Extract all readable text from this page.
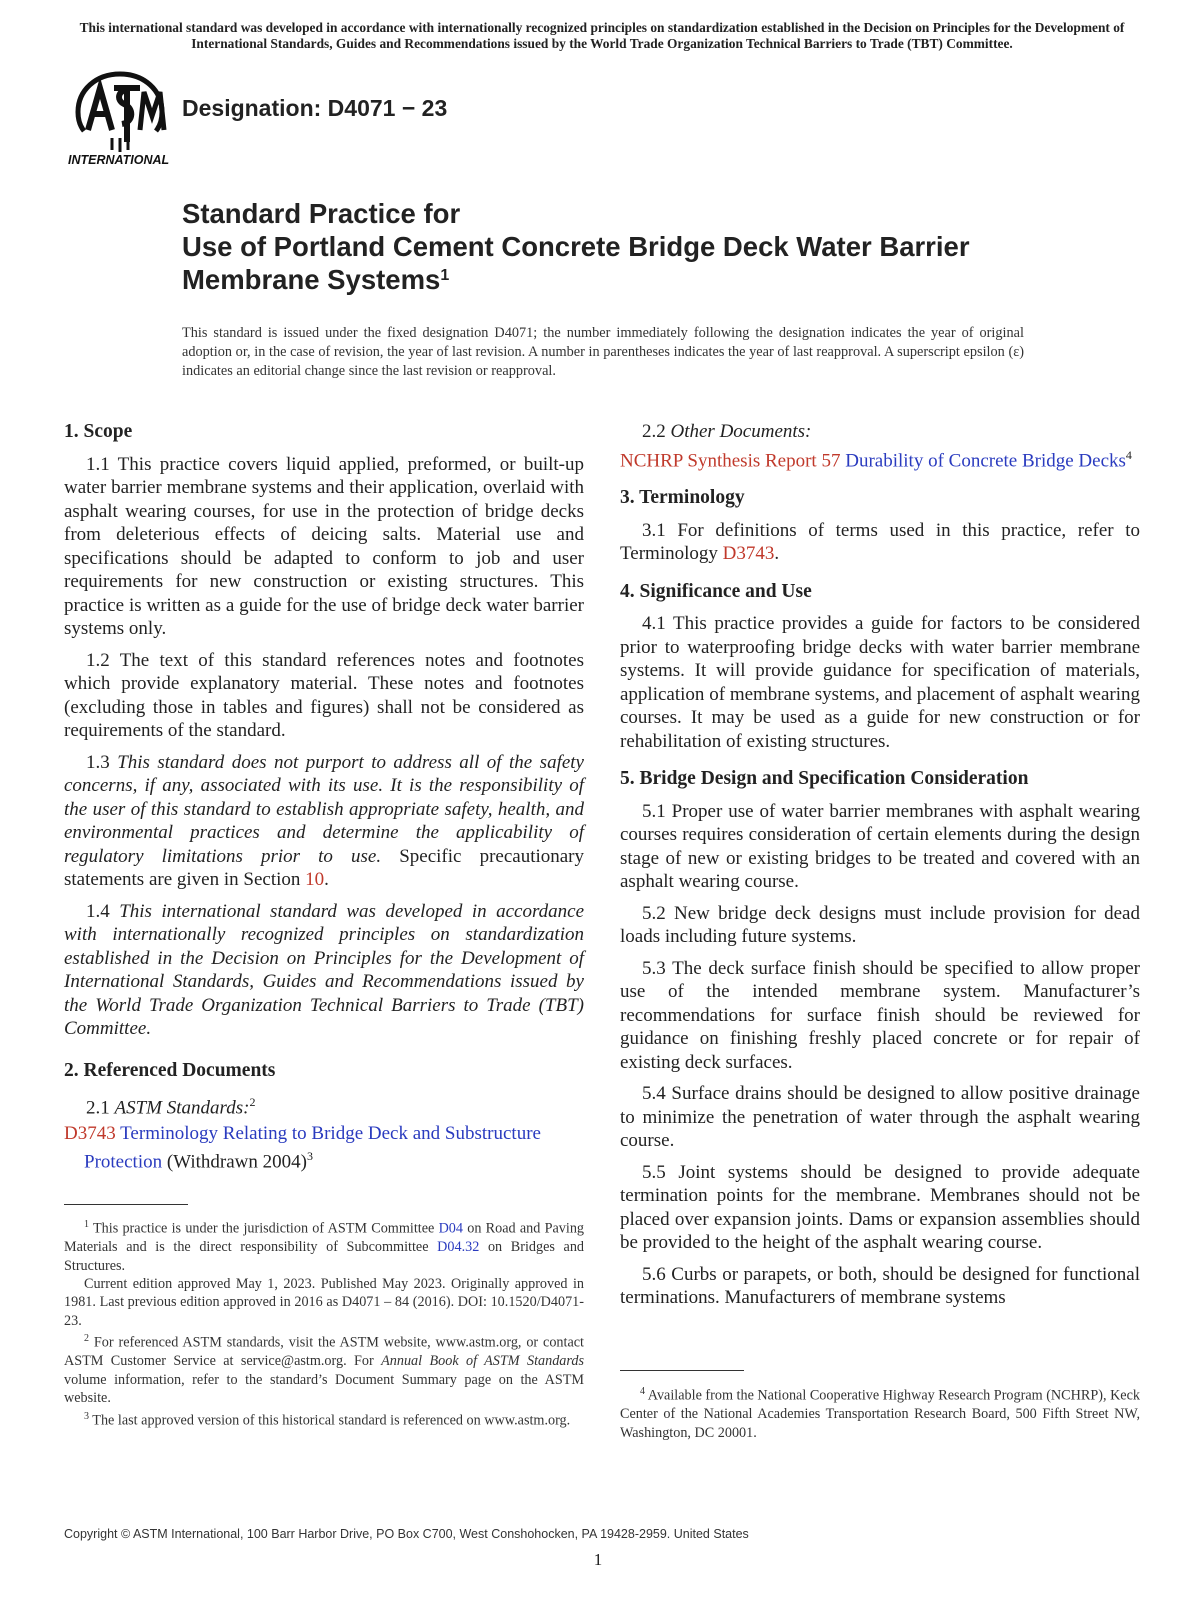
This international standard was developed in accordance with internationally recognized principles on standardization established in the Decision on Principles for the Development of International Standards, Guides and Recommendations issued by the World Trade Organization Technical Barriers to Trade (TBT) Committee.
INTERNATIONAL
Designation: D4071 − 23
Standard Practice for
Use of Portland Cement Concrete Bridge Deck Water Barrier
Membrane Systems$^1$
This standard is issued under the fixed designation D4071; the number immediately following the designation indicates the year of original adoption or, in the case of revision, the year of last revision. A number in parentheses indicates the year of last reapproval. A superscript epsilon (ε) indicates an editorial change since the last revision or reapproval.
1. Scope

1.1 This practice covers liquid applied, preformed, or built-up water barrier membrane systems and their application, overlaid with asphalt wearing courses, for use in the protection of bridge decks from deleterious effects of deicing salts. Material use and specifications should be adapted to conform to job and user requirements for new construction or existing structures. This practice is written as a guide for the use of bridge deck water barrier systems only.

1.2 The text of this standard references notes and footnotes which provide explanatory material. These notes and footnotes (excluding those in tables and figures) shall not be considered as requirements of the standard.

1.3 This standard does not purport to address all of the safety concerns, if any, associated with its use. It is the responsibility of the user of this standard to establish appropriate safety, health, and environmental practices and determine the applicability of regulatory limitations prior to use. Specific precautionary statements are given in Section 10.

1.4 This international standard was developed in accordance with internationally recognized principles on standardization established in the Decision on Principles for the Development of International Standards, Guides and Recommendations issued by the World Trade Organization Technical Barriers to Trade (TBT) Committee.

2. Referenced Documents

2.1 ASTM Standards:$^2$

D3743 Terminology Relating to Bridge Deck and Substructure Protection (Withdrawn 2004)$^3$

2.2 Other Documents:

NCHRP Synthesis Report 57 Durability of Concrete Bridge Decks$^4$

3. Terminology

3.1 For definitions of terms used in this practice, refer to Terminology D3743.

4. Significance and Use

4.1 This practice provides a guide for factors to be considered prior to waterproofing bridge decks with water barrier membrane systems. It will provide guidance for specification of materials, application of membrane systems, and placement of asphalt wearing courses. It may be used as a guide for new construction or for rehabilitation of existing structures.

5. Bridge Design and Specification Consideration

5.1 Proper use of water barrier membranes with asphalt wearing courses requires consideration of certain elements during the design stage of new or existing bridges to be treated and covered with an asphalt wearing course.

5.2 New bridge deck designs must include provision for dead loads including future systems.

5.3 The deck surface finish should be specified to allow proper use of the intended membrane system. Manufacturer’s recommendations for surface finish should be reviewed for guidance on finishing freshly placed concrete or for repair of existing deck surfaces.

5.4 Surface drains should be designed to allow positive drainage to minimize the penetration of water through the asphalt wearing course.

5.5 Joint systems should be designed to provide adequate termination points for the membrane. Membranes should not be placed over expansion joints. Dams or expansion assemblies should be provided to the height of the asphalt wearing course.

5.6 Curbs or parapets, or both, should be designed for functional terminations. Manufacturers of membrane systems

$^1$ This practice is under the jurisdiction of ASTM Committee D04 on Road and Paving Materials and is the direct responsibility of Subcommittee D04.32 on Bridges and Structures.

Current edition approved May 1, 2023. Published May 2023. Originally approved in 1981. Last previous edition approved in 2016 as D4071 – 84 (2016). DOI: 10.1520/D4071-23.

$^2$ For referenced ASTM standards, visit the ASTM website, www.astm.org, or contact ASTM Customer Service at service@astm.org. For Annual Book of ASTM Standards volume information, refer to the standard’s Document Summary page on the ASTM website.

$^3$ The last approved version of this historical standard is referenced on www.astm.org.

$^4$ Available from the National Cooperative Highway Research Program (NCHRP), Keck Center of the National Academies Transportation Research Board, 500 Fifth Street NW, Washington, DC 20001.

Copyright © ASTM International, 100 Barr Harbor Drive, PO Box C700, West Conshohocken, PA 19428-2959. United States
1
